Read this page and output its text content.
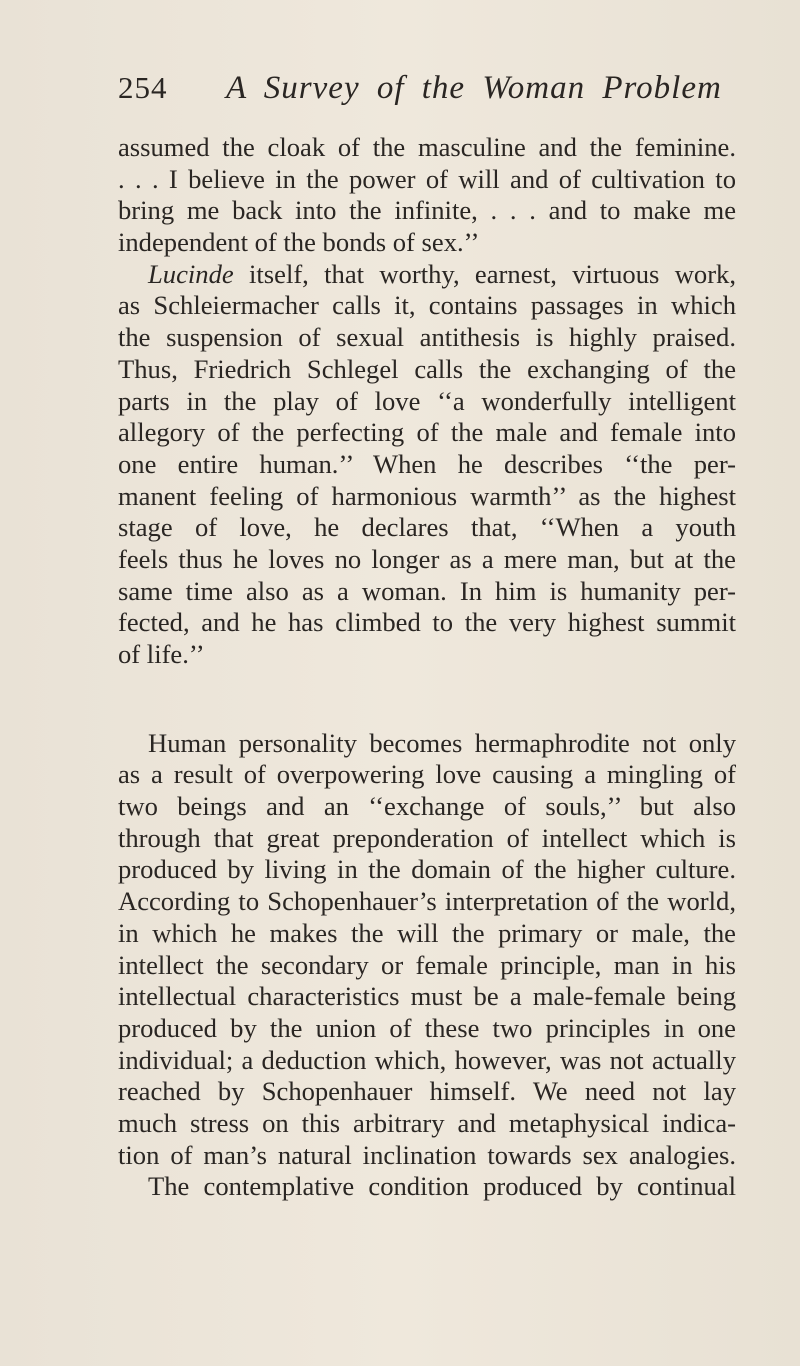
254 A Survey of the Woman Problem
assumed the cloak of the masculine and the feminine.
. . . I believe in the power of will and of cultivation to
bring me back into the infinite, . . . and to make me
independent of the bonds of sex.’’
Lucinde itself, that worthy, earnest, virtuous work,
as Schleiermacher calls it, contains passages in which
the suspension of sexual antithesis is highly praised.
Thus, Friedrich Schlegel calls the exchanging of the
parts in the play of love ‘‘a wonderfully intelligent
allegory of the perfecting of the male and female into
one entire human.’’ When he describes ‘‘the per-
manent feeling of harmonious warmth’’ as the highest
stage of love, he declares that, ‘‘When a youth
feels thus he loves no longer as a mere man, but at the
same time also as a woman. In him is humanity per-
fected, and he has climbed to the very highest summit
of life.’’
Human personality becomes hermaphrodite not only
as a result of overpowering love causing a mingling of
two beings and an ‘‘exchange of souls,’’ but also
through that great preponderation of intellect which is
produced by living in the domain of the higher culture.
According to Schopenhauer’s interpretation of the world,
in which he makes the will the primary or male, the
intellect the secondary or female principle, man in his
intellectual characteristics must be a male-female being
produced by the union of these two principles in one
individual; a deduction which, however, was not actually
reached by Schopenhauer himself. We need not lay
much stress on this arbitrary and metaphysical indica-
tion of man’s natural inclination towards sex analogies.
The contemplative condition produced by continual
